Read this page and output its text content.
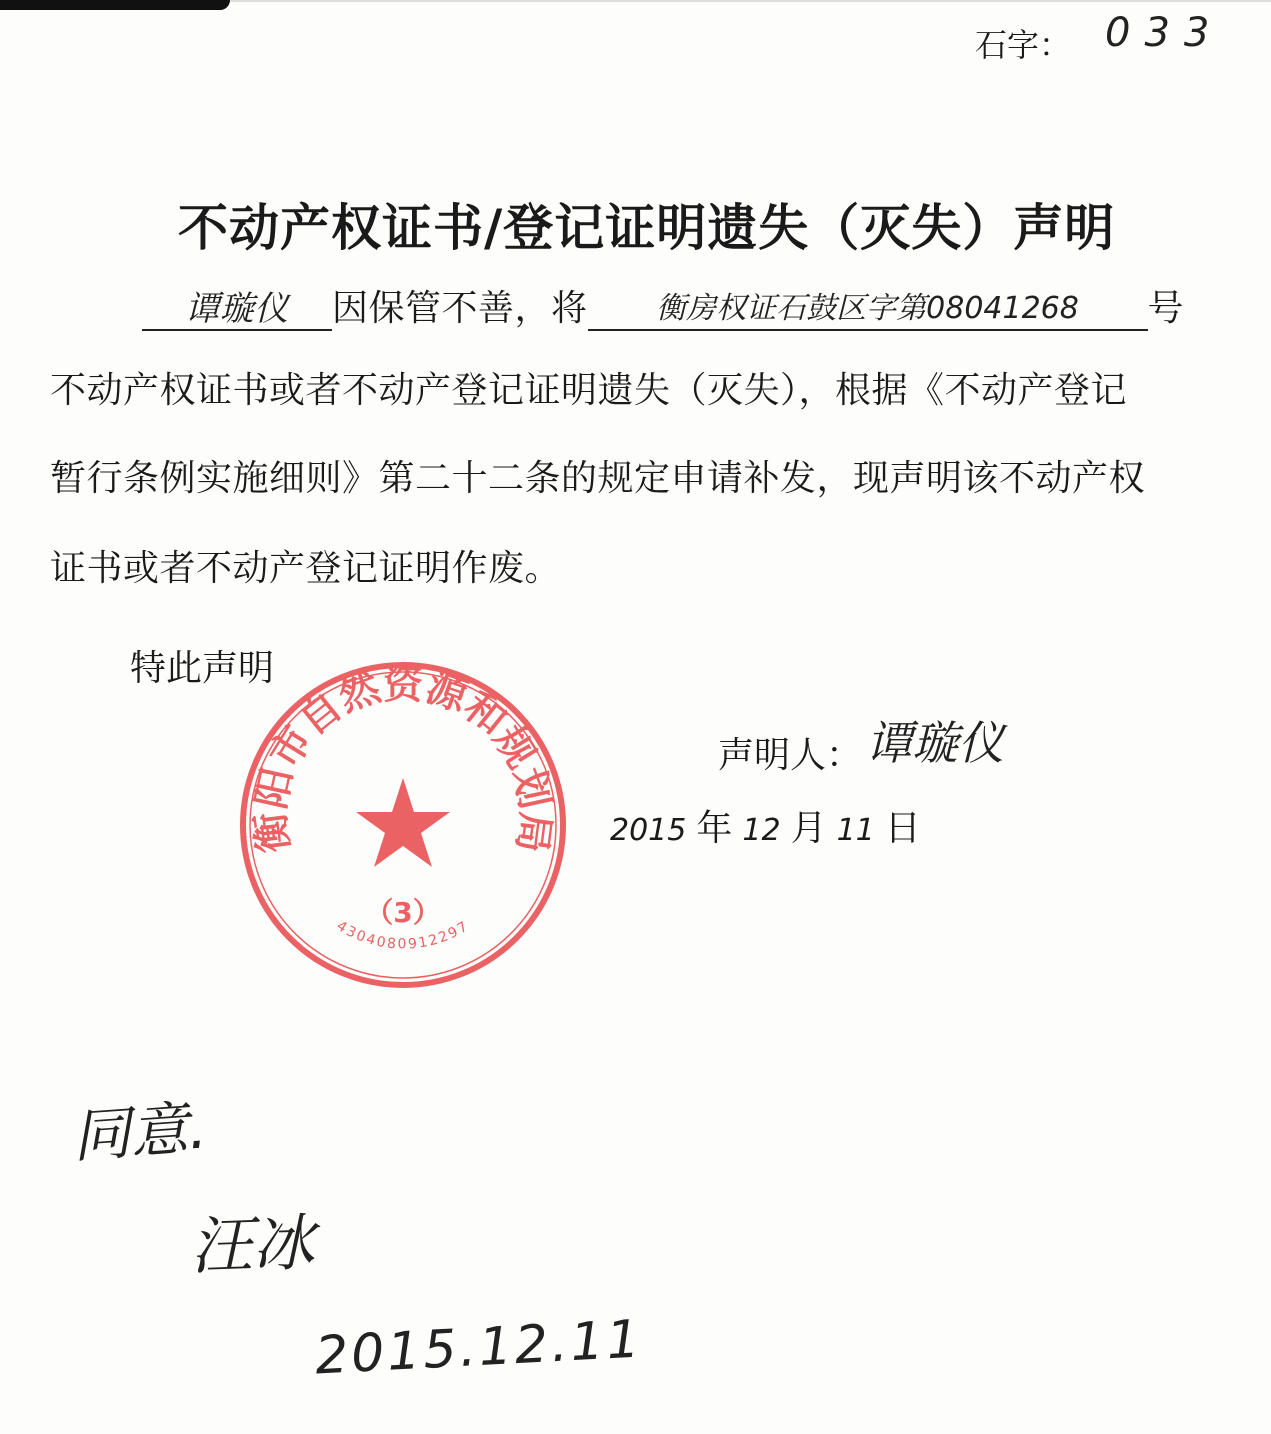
石字： 033
不动产权证书/登记证明遗失（灭失）声明
谭璇仪 因保管不善，将 衡房权证石鼓区字第08041268 号
不动产权证书或者不动产登记证明遗失（灭失），根据《不动产登记
暂行条例实施细则》第二十二条的规定申请补发，现声明该不动产权
证书或者不动产登记证明作废。
特此声明
衡阳市自然资源和规划局
（3）
4304080912297
声明人：谭璇仪
2015 年 12 月 11 日
同意.
汪冰
2015.12.11
